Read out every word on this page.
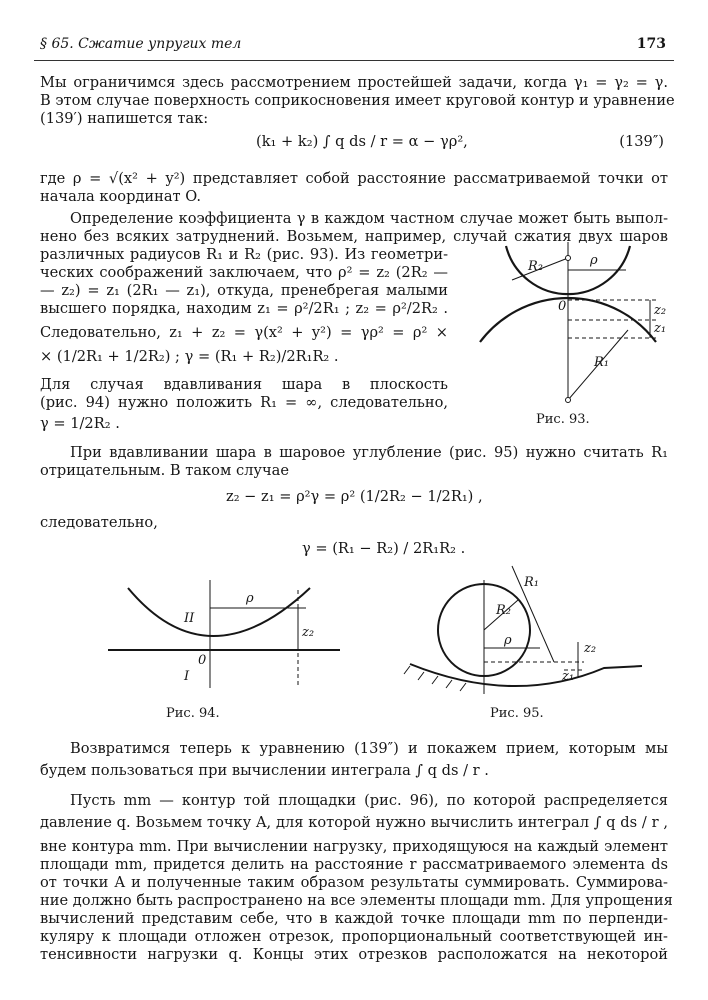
§ 65. Сжатие упругих тел	173
Мы ограничимся здесь рассмотрением простейшей задачи, когда γ₁ = γ₂ = γ.
В этом случае поверхность соприкосновения имеет круговой контур и уравнение
(139′) напишется так:
(k₁ + k₂) ∫ q ds / r = α − γρ²,	(139″)
где ρ = √(x² + y²) представляет собой расстояние рассматриваемой точки от
начала координат O.
Определение коэффициента γ в каждом частном случае может быть выпол-
нено без всяких затруднений. Возьмем, например, случай сжатия двух шаров
различных радиусов R₁ и R₂ (рис. 93). Из геометри-
ческих соображений заключаем, что ρ² = z₂ (2R₂ —
— z₂) = z₁ (2R₁ — z₁), откуда, пренебрегая малыми
высшего порядка, находим z₁ = ρ²/2R₁ ; z₂ = ρ²/2R₂ .
Следовательно, z₁ + z₂ = γ(x² + y²) = γρ² = ρ² ×
× (1/2R₁ + 1/2R₂) ; γ = (R₁ + R₂)/2R₁R₂ .
Для случая вдавливания шара в плоскость
(рис. 94) нужно положить R₁ = ∞, следовательно,
γ = 1/2R₂ .
R₂	ρ
0	z₂
z₁
R₁
Рис. 93.
При вдавливании шара в шаровое углубление (рис. 95) нужно считать R₁
отрицательным. В таком случае
z₂ − z₁ = ρ²γ = ρ² (1/2R₂ − 1/2R₁) ,
следовательно,
γ = (R₁ − R₂) / 2R₁R₂ .
II
ρ
z₂
0
I
Рис. 94.
R₁
R₂
ρ
z₂
z₁
Рис. 95.
Возвратимся теперь к уравнению (139″) и покажем прием, которым мы
будем пользоваться при вычислении интеграла ∫ q ds / r .
Пусть mm — контур той площадки (рис. 96), по которой распределяется
давление q. Возьмем точку A, для которой нужно вычислить интеграл ∫ q ds / r ,
вне контура mm. При вычислении нагрузку, приходящуюся на каждый элемент
площади mm, придется делить на расстояние r рассматриваемого элемента ds
от точки A и полученные таким образом результаты суммировать. Суммирова-
ние должно быть распространено на все элементы площади mm. Для упрощения
вычислений представим себе, что в каждой точке площади mm по перпенди-
куляру к площади отложен отрезок, пропорциональный соответствующей ин-
тенсивности нагрузки q. Концы этих отрезков расположатся на некоторой
